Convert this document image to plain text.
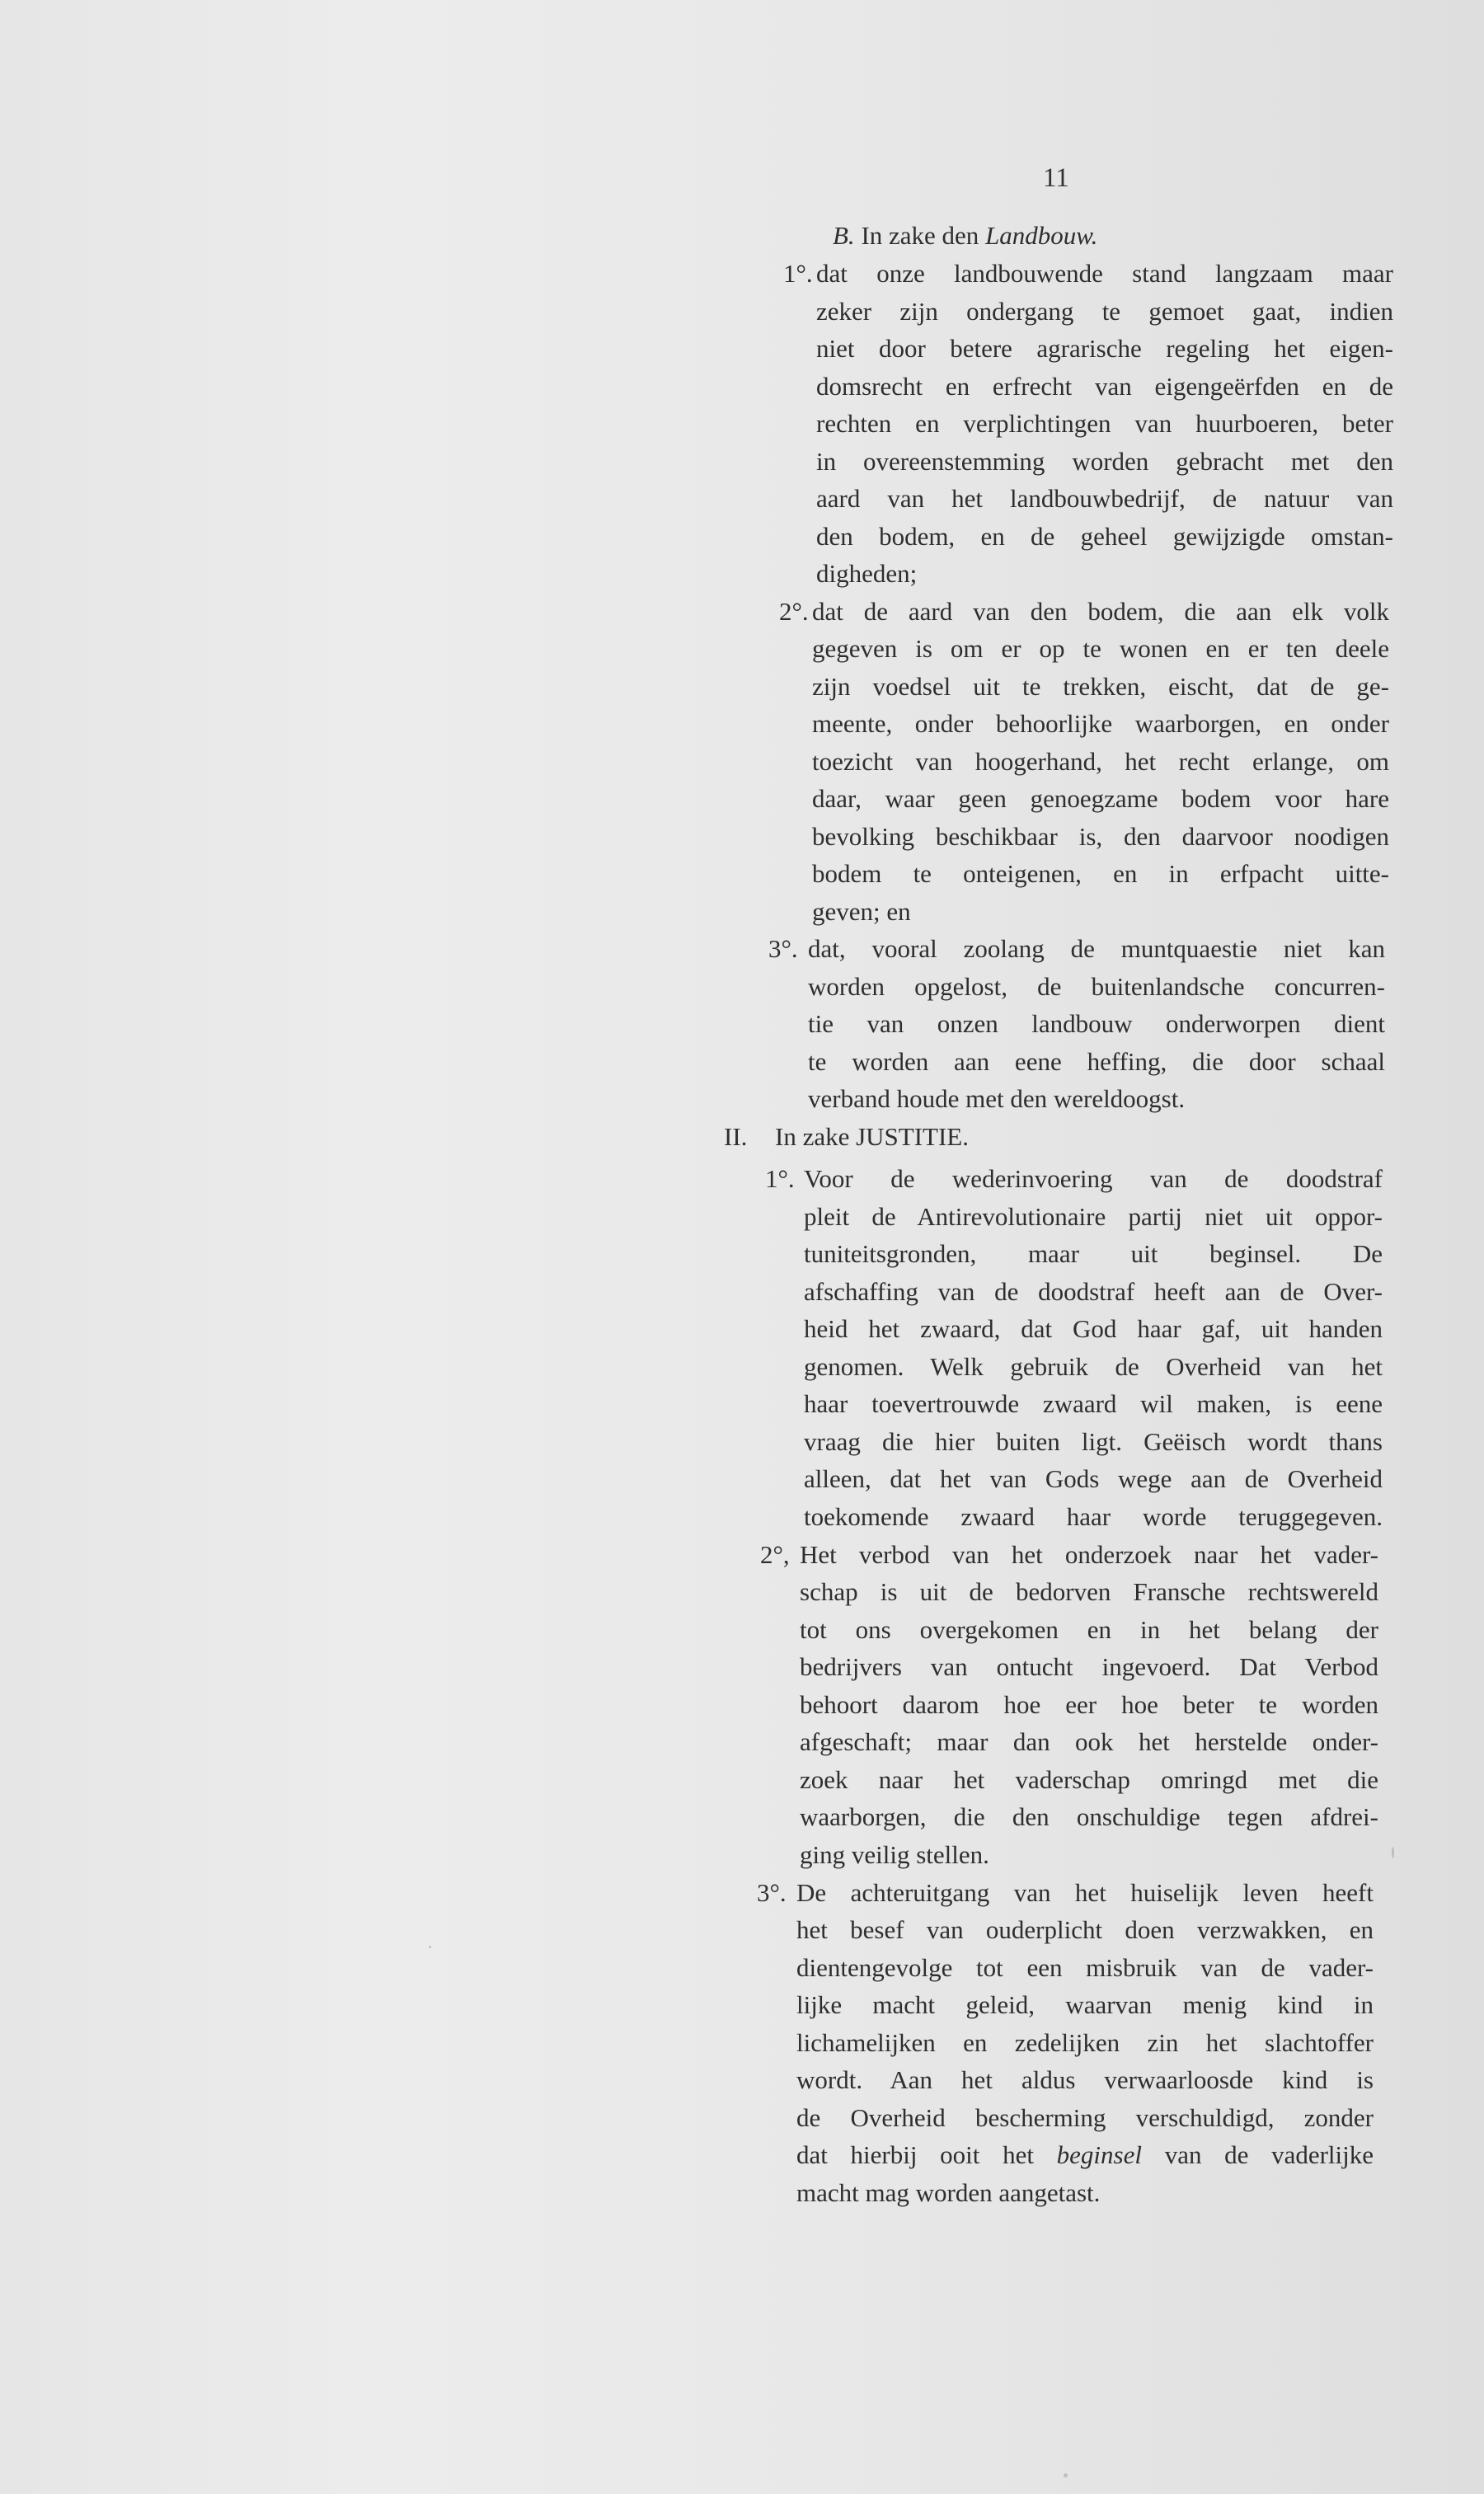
11
B. In zake den Landbouw.
1°. dat onze landbouwende stand langzaam maar
zeker zijn ondergang te gemoet gaat, indien
niet door betere agrarische regeling het eigen-
domsrecht en erfrecht van eigengeërfden en de
rechten en verplichtingen van huurboeren, beter
in overeenstemming worden gebracht met den
aard van het landbouwbedrijf, de natuur van
den bodem, en de geheel gewijzigde omstan-
digheden;
2°. dat de aard van den bodem, die aan elk volk
gegeven is om er op te wonen en er ten deele
zijn voedsel uit te trekken, eischt, dat de ge-
meente, onder behoorlijke waarborgen, en onder
toezicht van hoogerhand, het recht erlange, om
daar, waar geen genoegzame bodem voor hare
bevolking beschikbaar is, den daarvoor noodigen
bodem te onteigenen, en in erfpacht uitte-
geven; en
3°. dat, vooral zoolang de muntquaestie niet kan
worden opgelost, de buitenlandsche concurren-
tie van onzen landbouw onderworpen dient
te worden aan eene heffing, die door schaal
verband houde met den wereldoogst.
II. In zake JUSTITIE.
1°. Voor de wederinvoering van de doodstraf
pleit de Antirevolutionaire partij niet uit oppor-
tuniteitsgronden, maar uit beginsel. De
afschaffing van de doodstraf heeft aan de Over-
heid het zwaard, dat God haar gaf, uit handen
genomen. Welk gebruik de Overheid van het
haar toevertrouwde zwaard wil maken, is eene
vraag die hier buiten ligt. Geëisch wordt thans
alleen, dat het van Gods wege aan de Overheid
toekomende zwaard haar worde teruggegeven.
2°, Het verbod van het onderzoek naar het vader-
schap is uit de bedorven Fransche rechtswereld
tot ons overgekomen en in het belang der
bedrijvers van ontucht ingevoerd. Dat Verbod
behoort daarom hoe eer hoe beter te worden
afgeschaft; maar dan ook het herstelde onder-
zoek naar het vaderschap omringd met die
waarborgen, die den onschuldige tegen afdrei-
ging veilig stellen.
3°. De achteruitgang van het huiselijk leven heeft
het besef van ouderplicht doen verzwakken, en
dientengevolge tot een misbruik van de vader-
lijke macht geleid, waarvan menig kind in
lichamelijken en zedelijken zin het slachtoffer
wordt. Aan het aldus verwaarloosde kind is
de Overheid bescherming verschuldigd, zonder
dat hierbij ooit het beginsel van de vaderlijke
macht mag worden aangetast.
